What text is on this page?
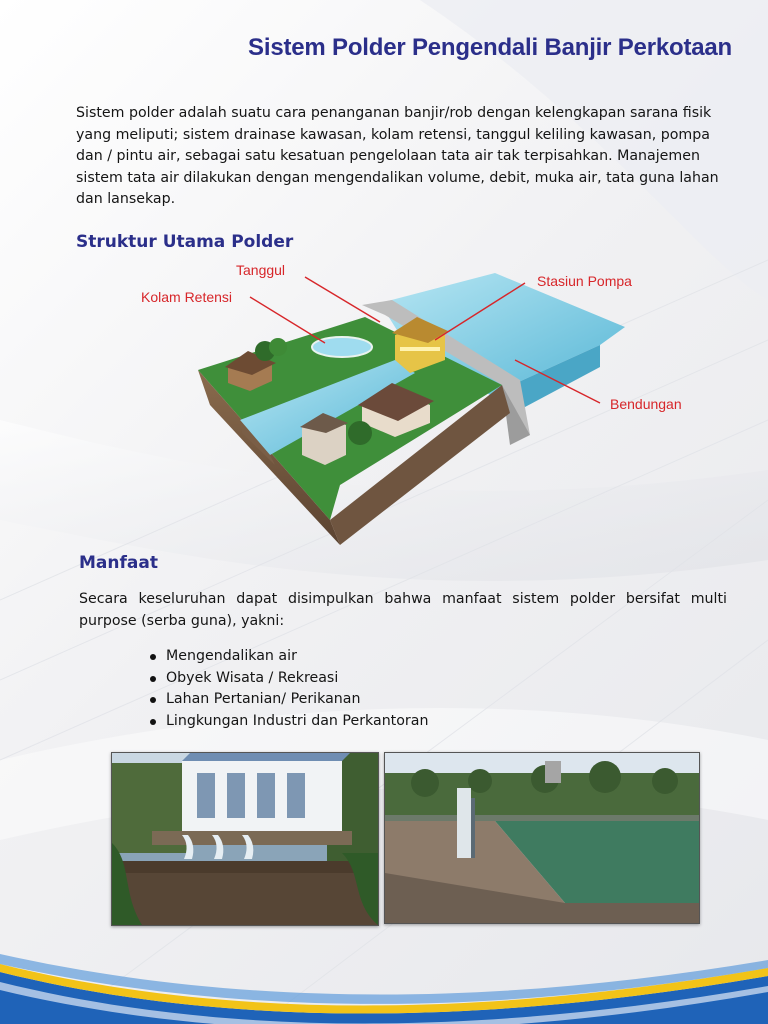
Sistem Polder Pengendali Banjir Perkotaan

Sistem polder adalah suatu cara penanganan banjir/rob dengan kelengkapan sarana fisik yang meliputi; sistem drainase kawasan, kolam retensi, tanggul keliling kawasan, pompa dan / pintu air, sebagai satu kesatuan pengelolaan tata air tak terpisahkan. Manajemen sistem tata air dilakukan dengan mengendalikan volume, debit, muka air, tata guna lahan dan lansekap.

Struktur Utama Polder
Tanggul
Kolam Retensi
Stasiun Pompa
Bendungan
Manfaat

Secara keseluruhan dapat disimpulkan bahwa manfaat sistem polder bersifat multi purpose (serba guna), yakni:

Mengendalikan air
Obyek Wisata / Rekreasi
Lahan Pertanian/ Perikanan
Lingkungan Industri dan Perkantoran
